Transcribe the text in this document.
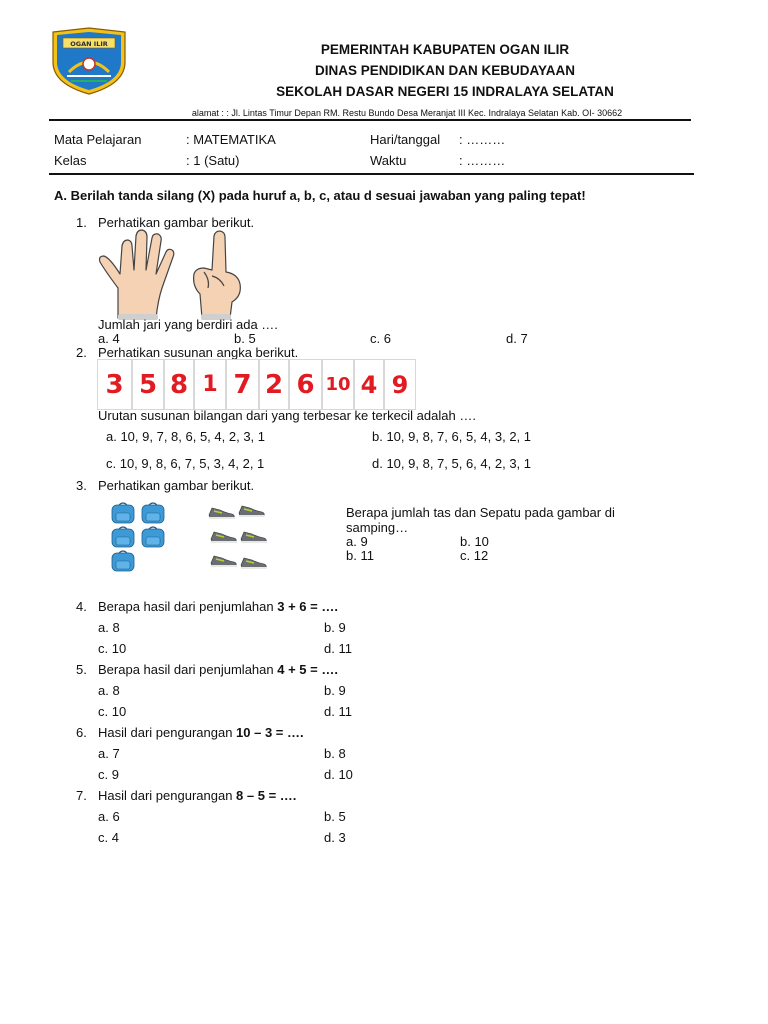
OGAN ILIR	PEMERINTAH KABUPATEN OGAN ILIR
DINAS PENDIDIKAN DAN KEBUDAYAAN
SEKOLAH DASAR NEGERI 15 INDRALAYA SELATAN
alamat : : Jl. Lintas Timur Depan RM. Restu Bundo Desa Meranjat III Kec. Indralaya Selatan Kab. OI- 30662
Mata Pelajaran	: MATEMATIKA	Hari/tanggal : ………
Kelas	: 1 (Satu)	Waktu	: ………
A. Berilah tanda silang (X) pada huruf a, b, c, atau d sesuai jawaban yang paling tepat!
1. Perhatikan gambar berikut.
Jumlah jari yang berdiri ada ….
a. 4	b. 5	c. 6	d. 7
2. Perhatikan susunan angka berikut.
3 5 8 1 7 2 6 10 4 9
Urutan susunan bilangan dari yang terbesar ke terkecil adalah ….
a. 10, 9, 7, 8, 6, 5, 4, 2, 3, 1	b. 10, 9, 8, 7, 6, 5, 4, 3, 2, 1
c. 10, 9, 8, 6, 7, 5, 3, 4, 2, 1	d. 10, 9, 8, 7, 5, 6, 4, 2, 3, 1
3. Perhatikan gambar berikut.
Berapa jumlah tas dan Sepatu pada gambar di
samping…
a. 9	b. 10
b. 11	c. 12
4. Berapa hasil dari penjumlahan 3 + 6 = ….
a. 8	b. 9
c. 10	d. 11
5. Berapa hasil dari penjumlahan 4 + 5 = ….
a. 8	b. 9
c. 10	d. 11
6. Hasil dari pengurangan 10 – 3 = ….
a. 7	b. 8
c. 9	d. 10
7. Hasil dari pengurangan 8 – 5 = ….
a. 6	b. 5
c. 4	d. 3
